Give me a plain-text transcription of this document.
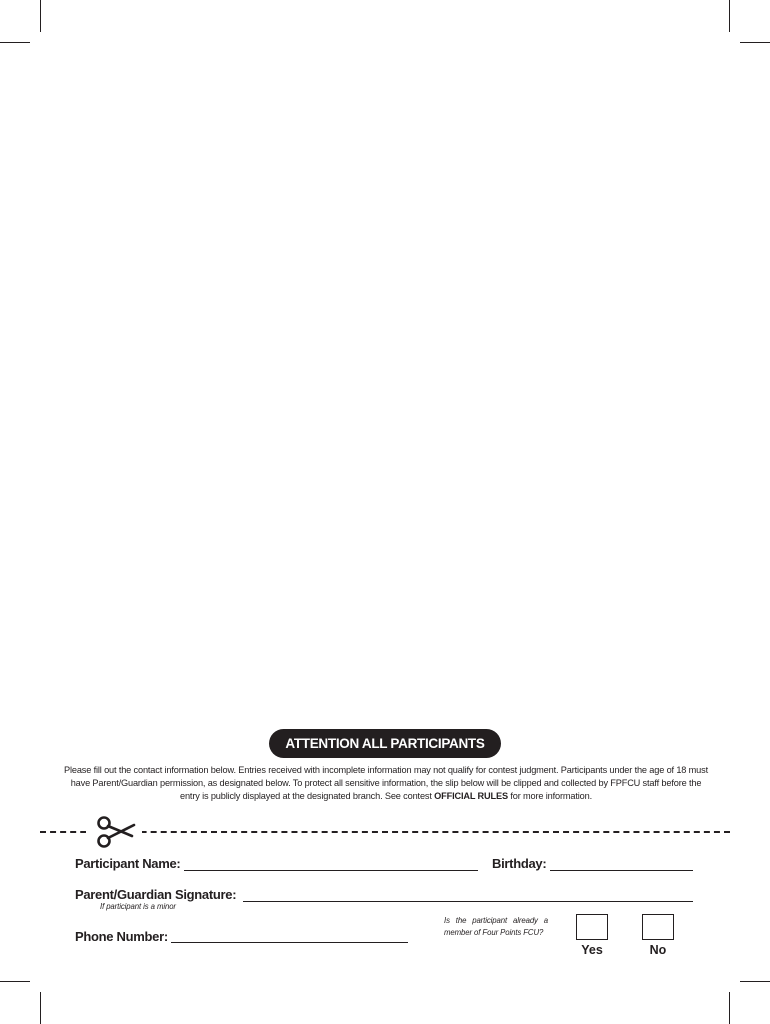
ATTENTION ALL PARTICIPANTS
Please fill out the contact information below. Entries received with incomplete information may not qualify for contest judgment. Participants under the age of 18 must have Parent/Guardian permission, as designated below. To protect all sensitive information, the slip below will be clipped and collected by FPFCU staff before the entry is publicly displayed at the designated branch. See contest OFFICIAL RULES for more information.
Participant Name:	Birthday:
Parent/Guardian Signature:
If participant is a minor
Phone Number:
Is the participant already a member of Four Points FCU?
Yes	No
